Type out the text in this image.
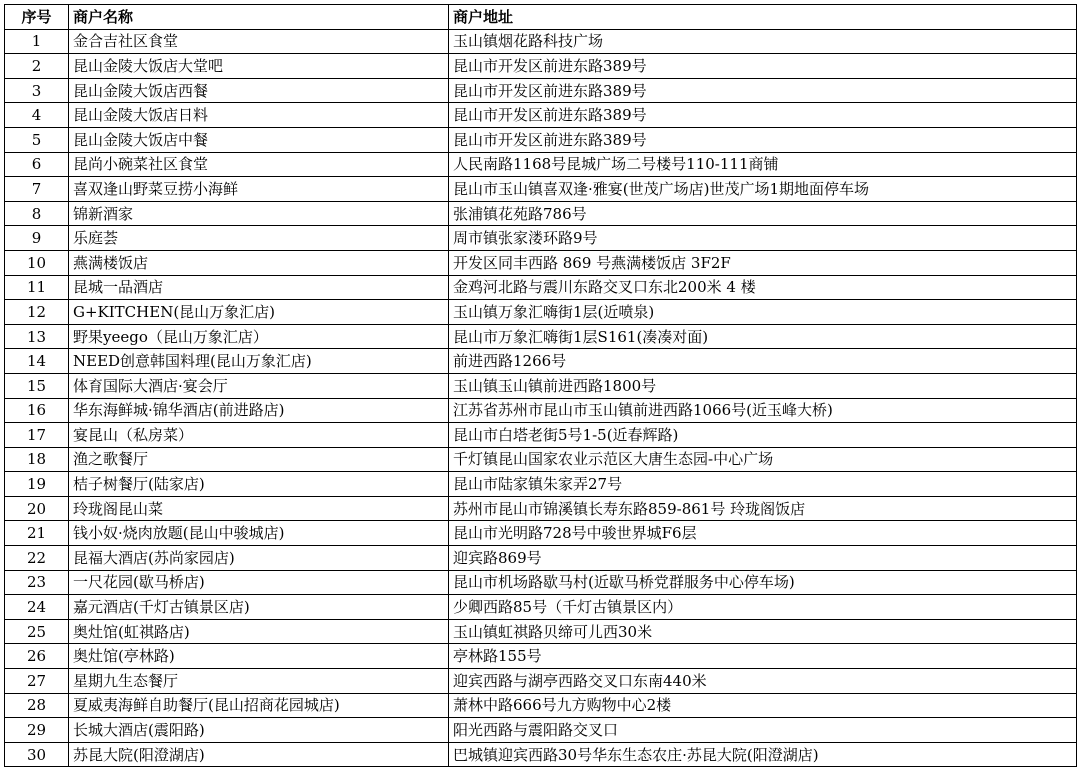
序号	商户名称	商户地址
1	金合吉社区食堂	玉山镇烟花路科技广场
2	昆山金陵大饭店大堂吧	昆山市开发区前进东路389号
3	昆山金陵大饭店西餐	昆山市开发区前进东路389号
4	昆山金陵大饭店日料	昆山市开发区前进东路389号
5	昆山金陵大饭店中餐	昆山市开发区前进东路389号
6	昆尚小碗菜社区食堂	人民南路1168号昆城广场二号楼号110-111商铺
7	喜双逢山野菜豆捞小海鲜	昆山市玉山镇喜双逢·雅宴(世茂广场店)世茂广场1期地面停车场
8	锦新酒家	张浦镇花苑路786号
9	乐庭荟	周市镇张家溇环路9号
10	燕满楼饭店	开发区同丰西路 869 号燕满楼饭店 3F2F
11	昆城一品酒店	金鸡河北路与震川东路交叉口东北200米 4 楼
12	G+KITCHEN(昆山万象汇店)	玉山镇万象汇嗨街1层(近喷泉)
13	野果yeego（昆山万象汇店）	昆山市万象汇嗨街1层S161(凑凑对面)
14	NEED创意韩国料理(昆山万象汇店)	前进西路1266号
15	体育国际大酒店·宴会厅	玉山镇玉山镇前进西路1800号
16	华东海鲜城·锦华酒店(前进路店)	江苏省苏州市昆山市玉山镇前进西路1066号(近玉峰大桥)
17	宴昆山（私房菜）	昆山市白塔老街5号1-5(近春辉路)
18	渔之歌餐厅	千灯镇昆山国家农业示范区大唐生态园-中心广场
19	桔子树餐厅(陆家店)	昆山市陆家镇朱家弄27号
20	玲珑阁昆山菜	苏州市昆山市锦溪镇长寿东路859-861号 玲珑阁饭店
21	钱小奴·烧肉放题(昆山中骏城店)	昆山市光明路728号中骏世界城F6层
22	昆福大酒店(苏尚家园店)	迎宾路869号
23	一尺花园(歇马桥店)	昆山市机场路歇马村(近歇马桥党群服务中心停车场)
24	嘉元酒店(千灯古镇景区店)	少卿西路85号（千灯古镇景区内）
25	奥灶馆(虹祺路店)	玉山镇虹祺路贝缔可儿西30米
26	奥灶馆(亭林路)	亭林路155号
27	星期九生态餐厅	迎宾西路与湖亭西路交叉口东南440米
28	夏威夷海鲜自助餐厅(昆山招商花园城店)	萧林中路666号九方购物中心2楼
29	长城大酒店(震阳路)	阳光西路与震阳路交叉口
30	苏昆大院(阳澄湖店)	巴城镇迎宾西路30号华东生态农庄·苏昆大院(阳澄湖店)
